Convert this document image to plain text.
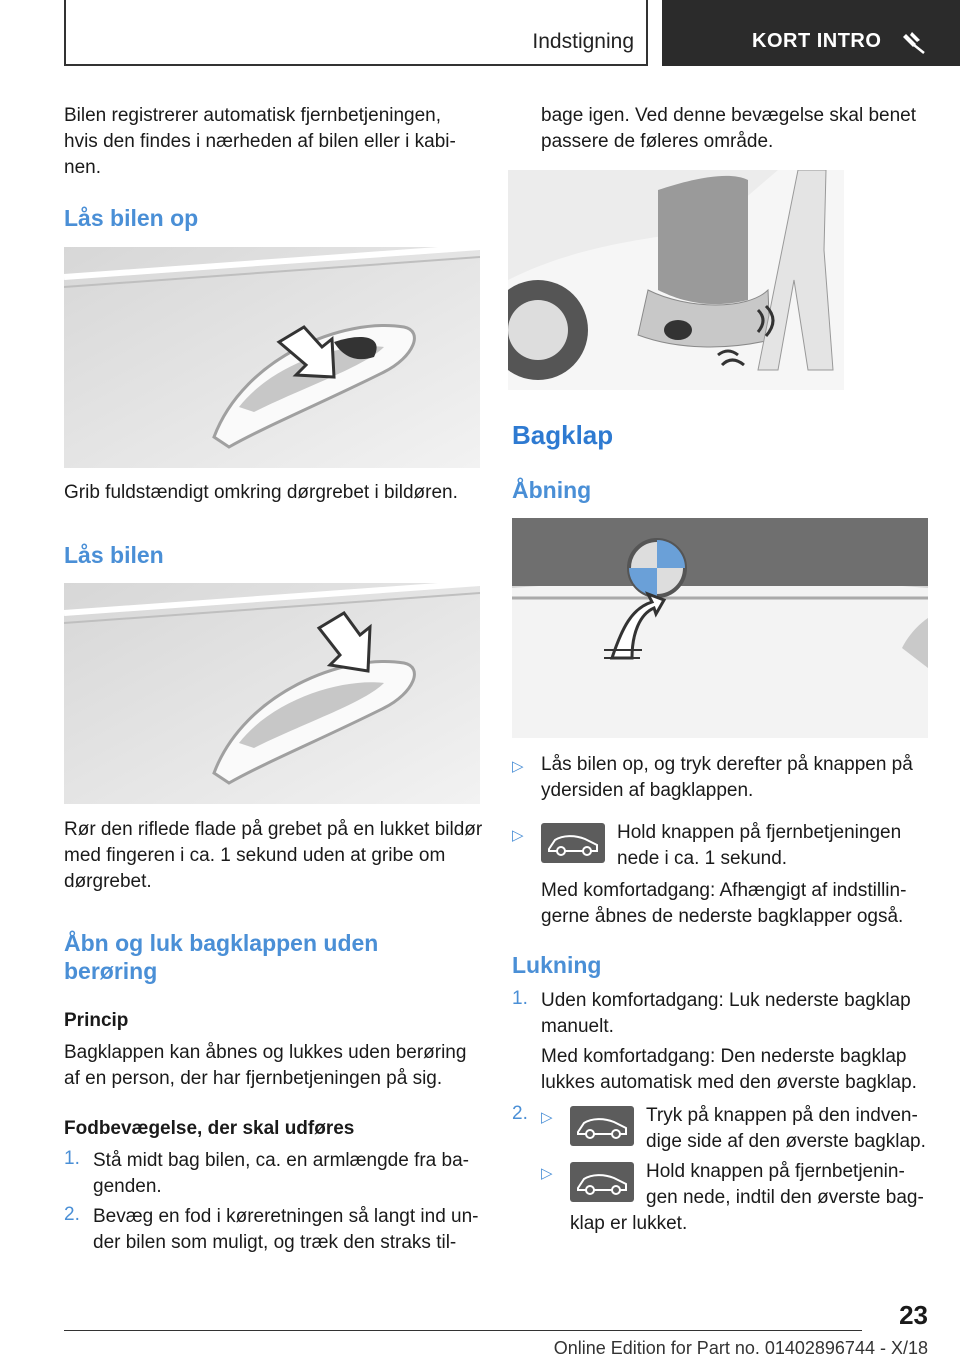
Indstigning	KORT INTRO
Bilen registrerer automatisk fjernbetjeningen,
hvis den findes i nærheden af bilen eller i kabi-
nen.
Lås bilen op
Grib fuldstændigt omkring dørgrebet i bildøren.
Lås bilen
Rør den riflede flade på grebet på en lukket bildør
med fingeren i ca. 1 sekund uden at gribe om
dørgrebet.
Åbn og luk bagklappen uden
berøring
Princip
Bagklappen kan åbnes og lukkes uden berøring
af en person, der har fjernbetjeningen på sig.
Fodbevægelse, der skal udføres
1. Stå midt bag bilen, ca. en armlængde fra ba-
genden.
2. Bevæg en fod i køreretningen så langt ind un-
der bilen som muligt, og træk den straks til-
bage igen. Ved denne bevægelse skal benet
passere de føleres område.
Bagklap
Åbning
▷ Lås bilen op, og tryk derefter på knappen på
ydersiden af bagklappen.
▷	Hold knappen på fjernbetjeningen
nede i ca. 1 sekund.
Med komfortadgang: Afhængigt af indstillin-
gerne åbnes de nederste bagklapper også.
Lukning
1. Uden komfortadgang: Luk nederste bagklap
manuelt.
Med komfortadgang: Den nederste bagklap
lukkes automatisk med den øverste bagklap.
2. ▷	Tryk på knappen på den indven-
dige side af den øverste bagklap.
▷	Hold knappen på fjernbetjenin-
gen nede, indtil den øverste bag-
klap er lukket.
23
Online Edition for Part no. 01402896744 - X/18
